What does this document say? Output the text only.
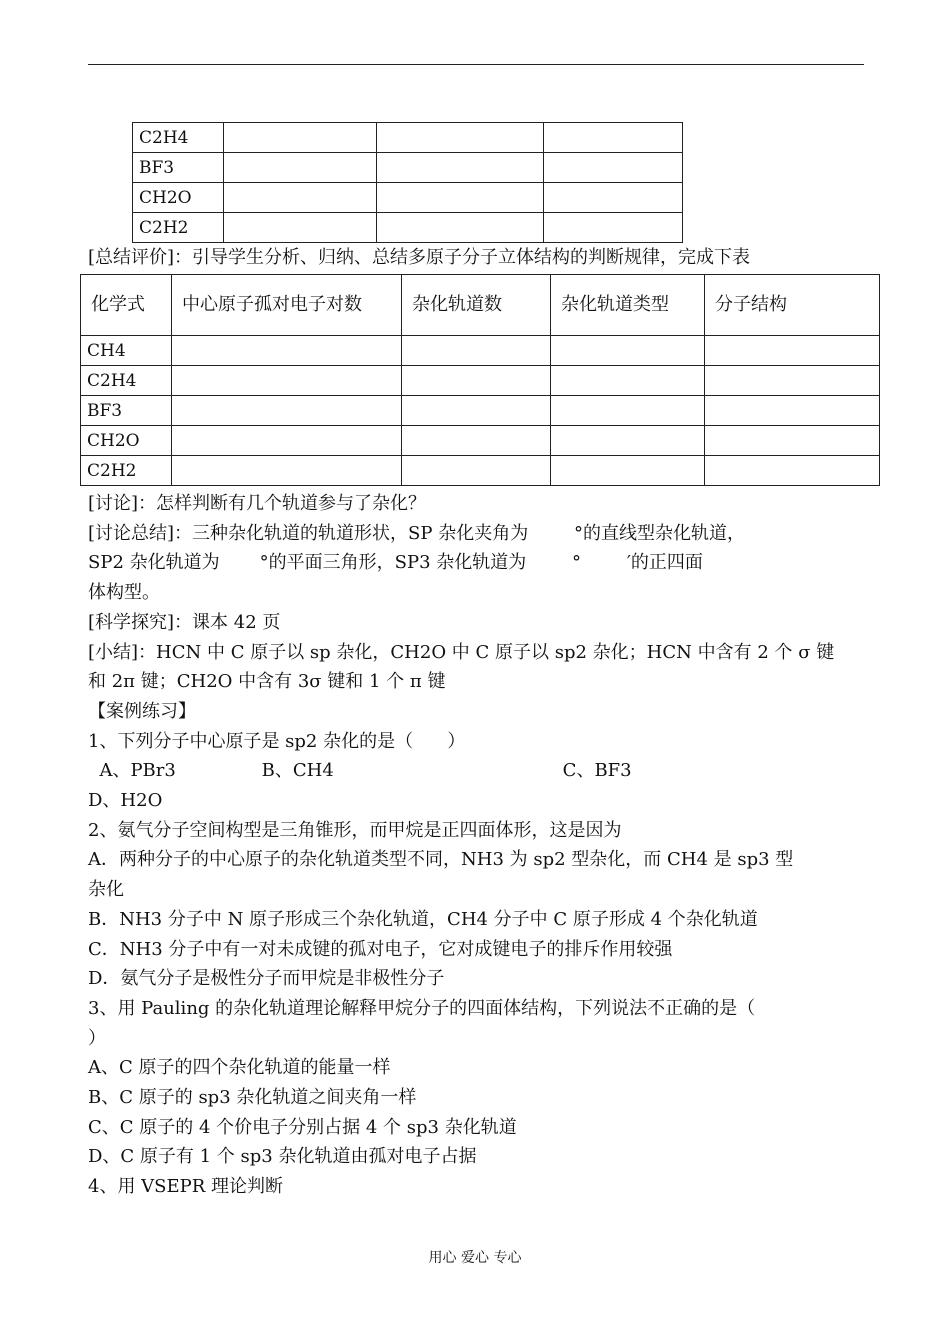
C2H4			
BF3			
CH2O			
C2H2			
[总结评价]：引导学生分析、归纳、总结多原子分子立体结构的判断规律，完成下表
化学式	中心原子孤对电子对数	杂化轨道数	杂化轨道类型	分子结构
CH4				
C2H4				
BF3				
CH2O				
C2H2				
[讨论]：怎样判断有几个轨道参与了杂化？
[讨论总结]：三种杂化轨道的轨道形状，SP 杂化夹角为        °的直线型杂化轨道，
SP2 杂化轨道为       °的平面三角形，SP3 杂化轨道为        °        ′的正四面
体构型。
[科学探究]：课本 42 页
[小结]：HCN 中 C 原子以 sp 杂化，CH2O 中 C 原子以 sp2 杂化；HCN 中含有 2 个 σ 键
和 2π 键；CH2O 中含有 3σ 键和 1 个 π 键
【案例练习】
1、下列分子中心原子是 sp2 杂化的是（      ）
A、PBr3               B、CH4                                        C、BF3
D、H2O
2、氨气分子空间构型是三角锥形，而甲烷是正四面体形，这是因为
A．两种分子的中心原子的杂化轨道类型不同，NH3 为 sp2 型杂化，而 CH4 是 sp3 型
杂化
B．NH3 分子中 N 原子形成三个杂化轨道，CH4 分子中 C 原子形成 4 个杂化轨道
C．NH3 分子中有一对未成键的孤对电子，它对成键电子的排斥作用较强
D．氨气分子是极性分子而甲烷是非极性分子
3、用 Pauling 的杂化轨道理论解释甲烷分子的四面体结构，下列说法不正确的是（
）
A、C 原子的四个杂化轨道的能量一样
B、C 原子的 sp3 杂化轨道之间夹角一样
C、C 原子的 4 个价电子分别占据 4 个 sp3 杂化轨道
D、C 原子有 1 个 sp3 杂化轨道由孤对电子占据
4、用 VSEPR 理论判断
用心 爱心 专心
